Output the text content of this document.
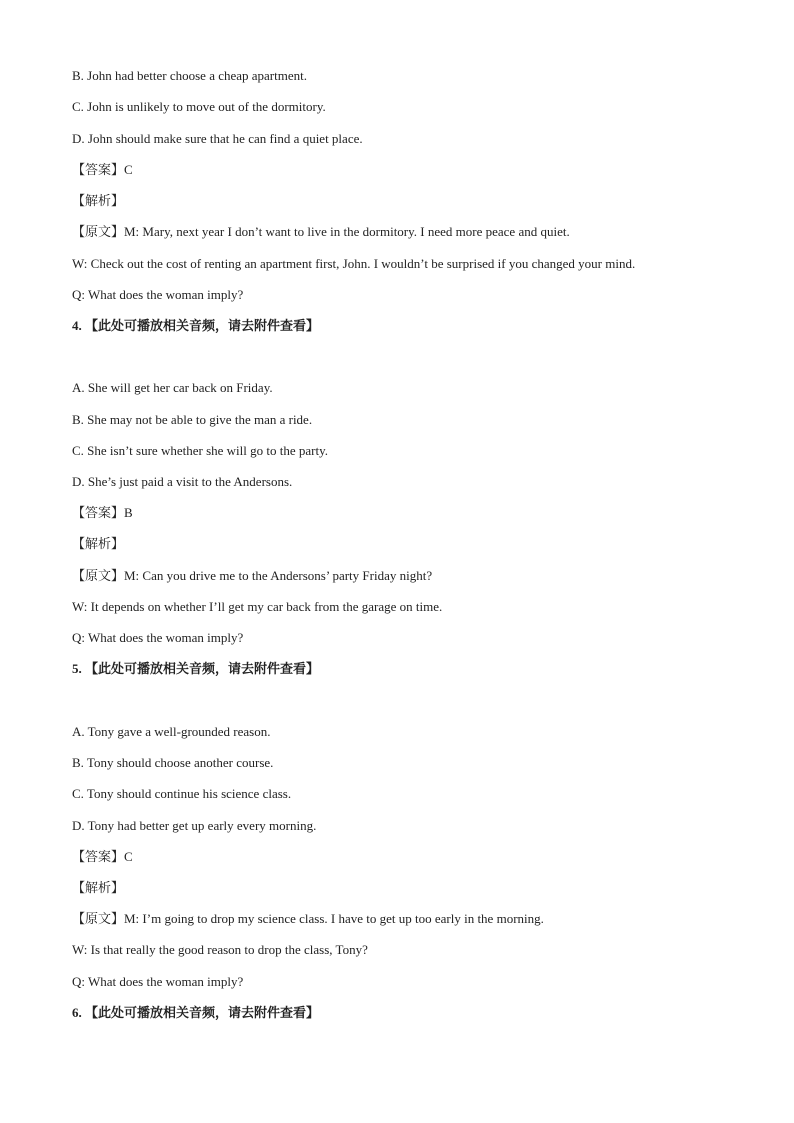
B. John had better choose a cheap apartment.
C. John is unlikely to move out of the dormitory.
D. John should make sure that he can find a quiet place.
【答案】C
【解析】
【原文】M: Mary, next year I don’t want to live in the dormitory. I need more peace and quiet.
W: Check out the cost of renting an apartment first, John. I wouldn’t be surprised if you changed your mind.
Q: What does the woman imply?
4. 【此处可播放相关音频，请去附件查看】
A. She will get her car back on Friday.
B. She may not be able to give the man a ride.
C. She isn’t sure whether she will go to the party.
D. She’s just paid a visit to the Andersons.
【答案】B
【解析】
【原文】M: Can you drive me to the Andersons’ party Friday night?
W: It depends on whether I’ll get my car back from the garage on time.
Q: What does the woman imply?
5. 【此处可播放相关音频，请去附件查看】
A. Tony gave a well-grounded reason.
B. Tony should choose another course.
C. Tony should continue his science class.
D. Tony had better get up early every morning.
【答案】C
【解析】
【原文】M: I’m going to drop my science class. I have to get up too early in the morning.
W: Is that really the good reason to drop the class, Tony?
Q: What does the woman imply?
6. 【此处可播放相关音频，请去附件查看】
